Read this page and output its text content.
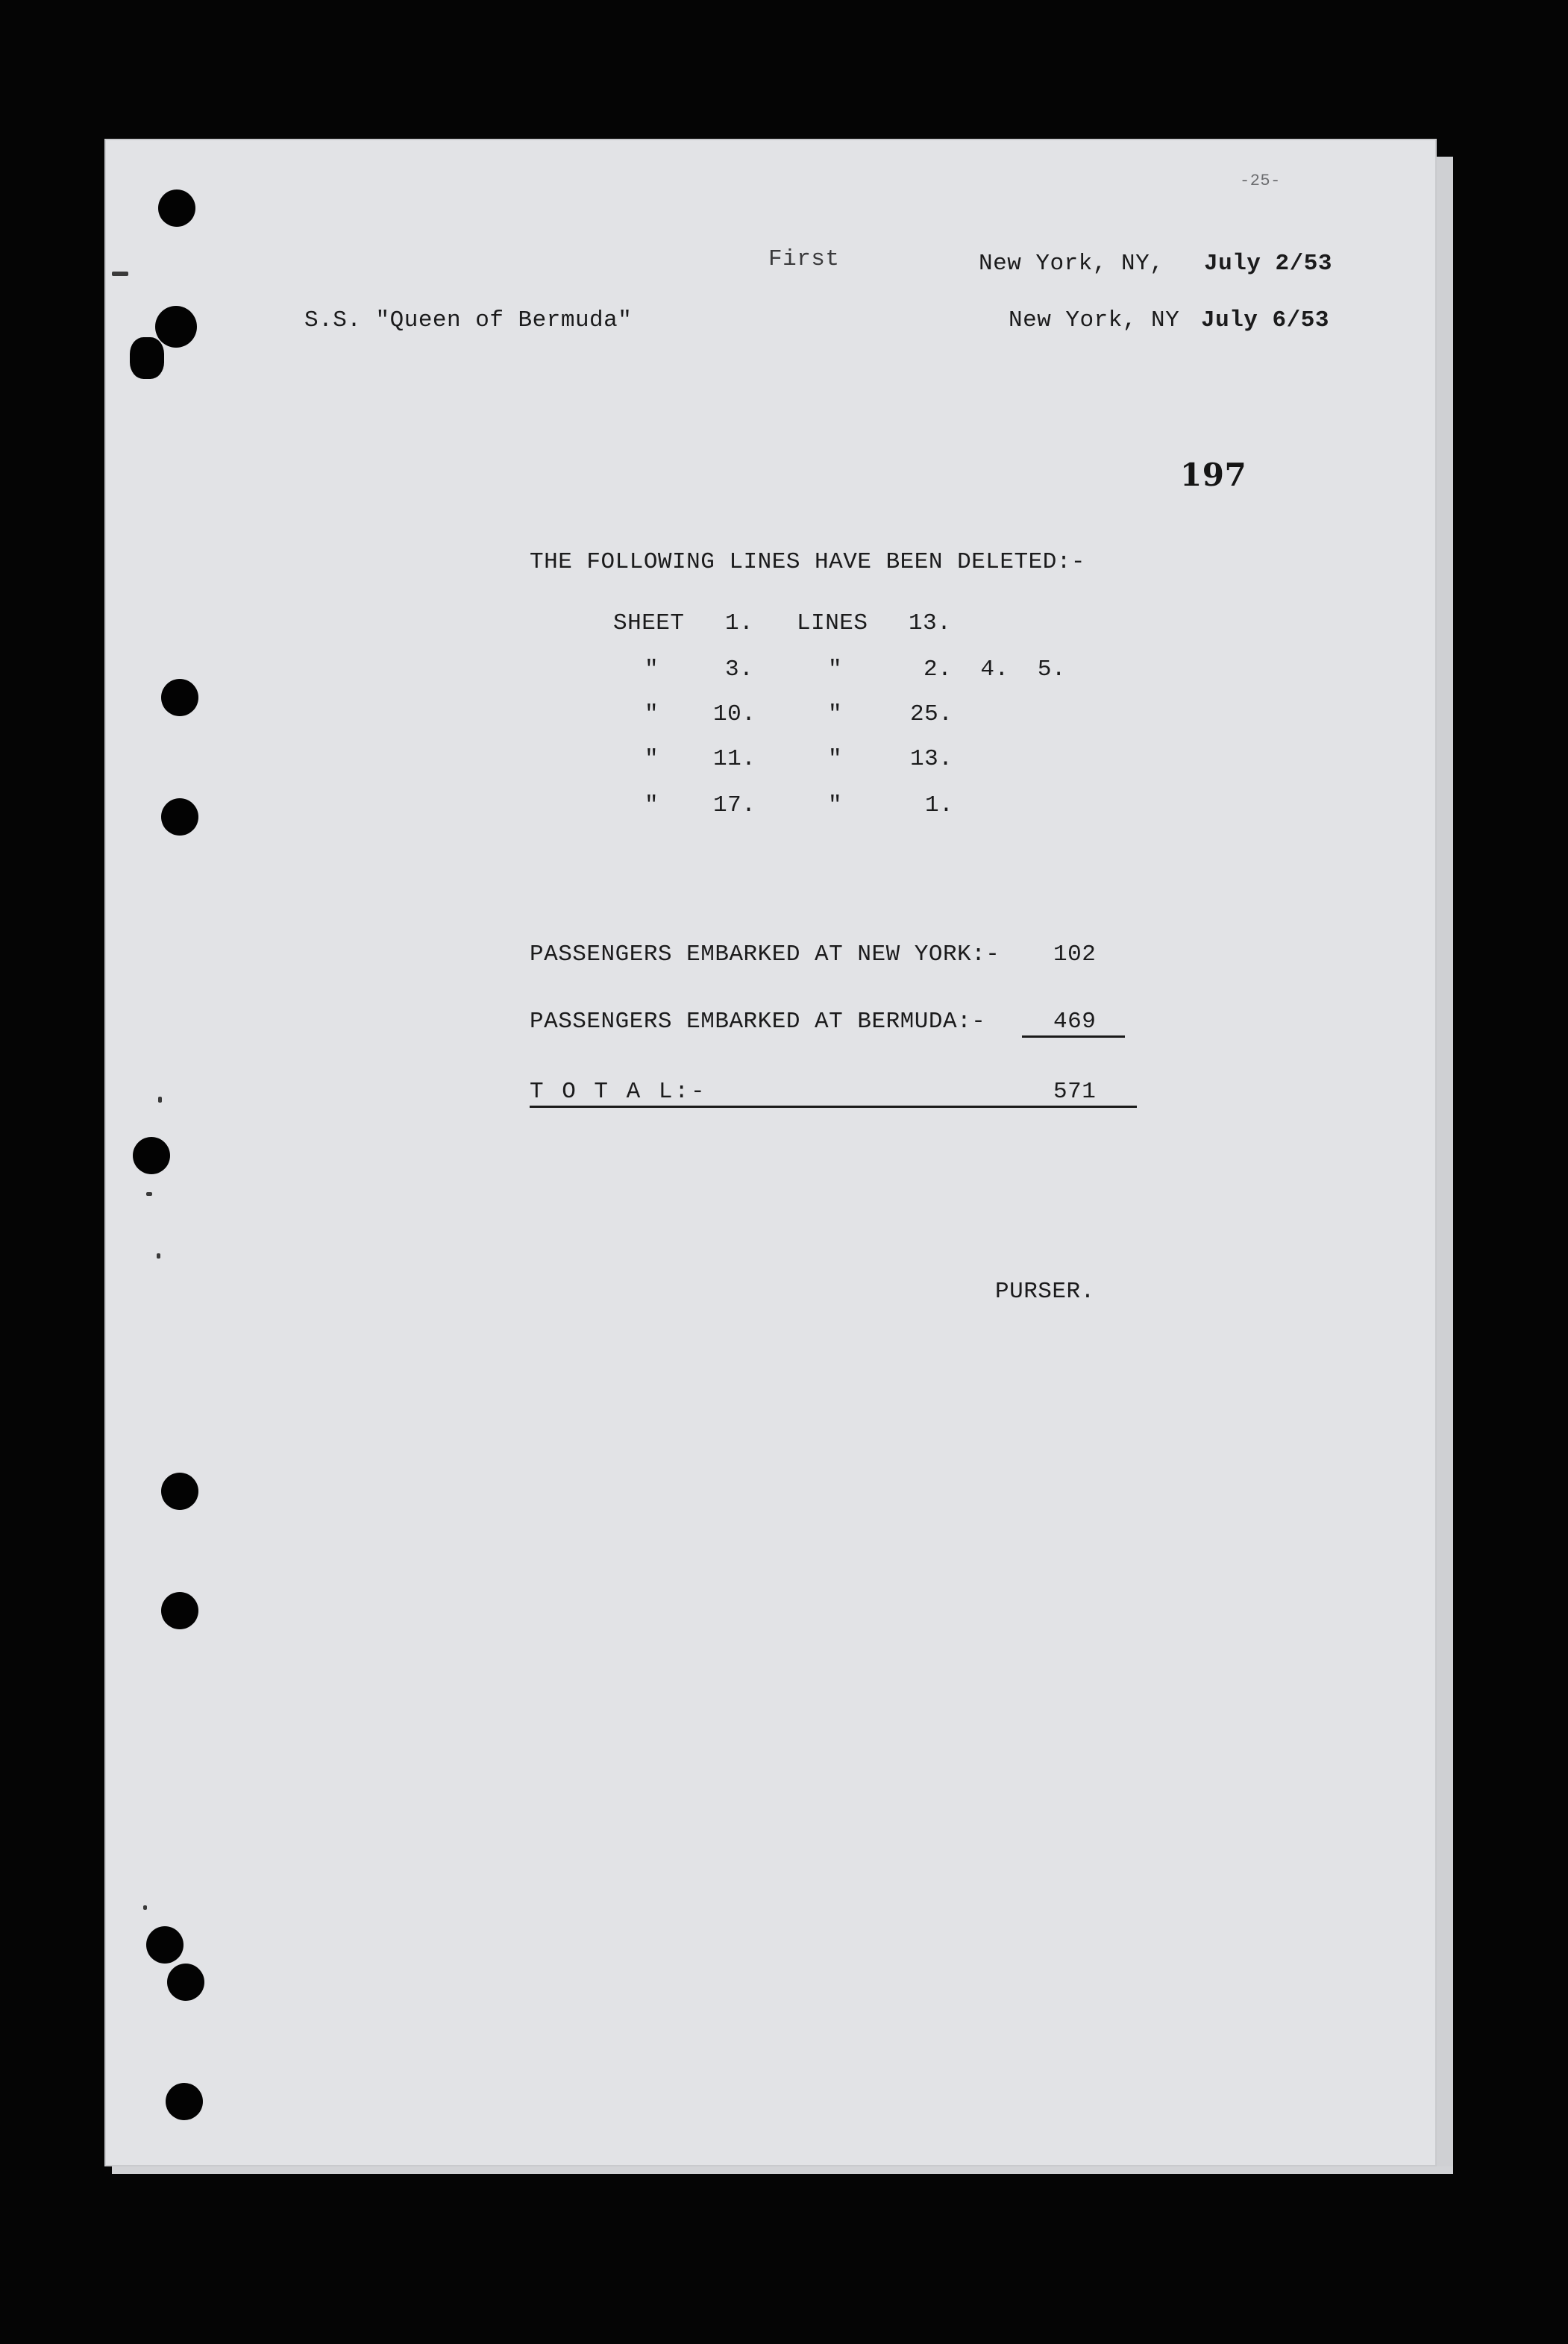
-25-
First	New York, NY, July 2/53
S.S. "Queen of Bermuda"	New York, NY July 6/53
197
THE FOLLOWING LINES HAVE BEEN DELETED:-
SHEET 1. LINES 13.
"	3.	"	2.  4.  5.
" 10.	"	25.
" 11.	"	13.
" 17.	"	1.
PASSENGERS EMBARKED AT NEW YORK:- 102
PASSENGERS EMBARKED AT BERMUDA:-	469
T O T A L:-	571
PURSER.
